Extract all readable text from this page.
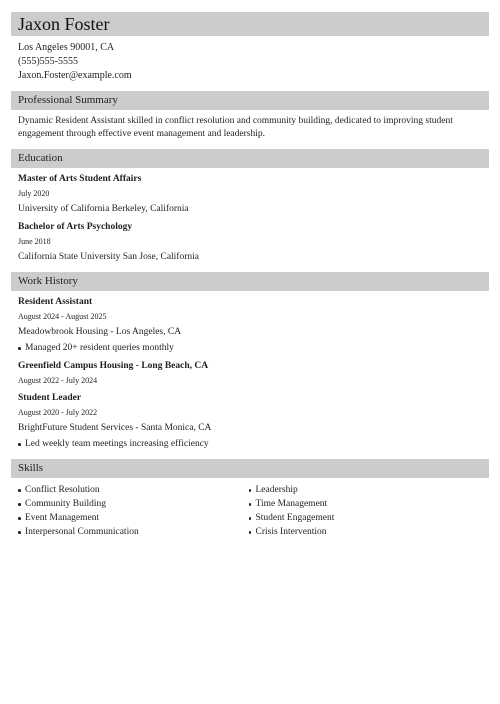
Jaxon Foster
Los Angeles 90001, CA
(555)555-5555
Jaxon.Foster@example.com
Professional Summary
Dynamic Resident Assistant skilled in conflict resolution and community building, dedicated to improving student engagement through effective event management and leadership.
Education
Master of Arts Student Affairs
July 2020
University of California Berkeley, California
Bachelor of Arts Psychology
June 2018
California State University San Jose, California
Work History
Resident Assistant
August 2024 - August 2025
Meadowbrook Housing - Los Angeles, CA
Managed 20+ resident queries monthly
Greenfield Campus Housing - Long Beach, CA
August 2022 - July 2024
Student Leader
August 2020 - July 2022
BrightFuture Student Services - Santa Monica, CA
Led weekly team meetings increasing efficiency
Skills
Conflict Resolution
Community Building
Event Management
Interpersonal Communication
Leadership
Time Management
Student Engagement
Crisis Intervention
